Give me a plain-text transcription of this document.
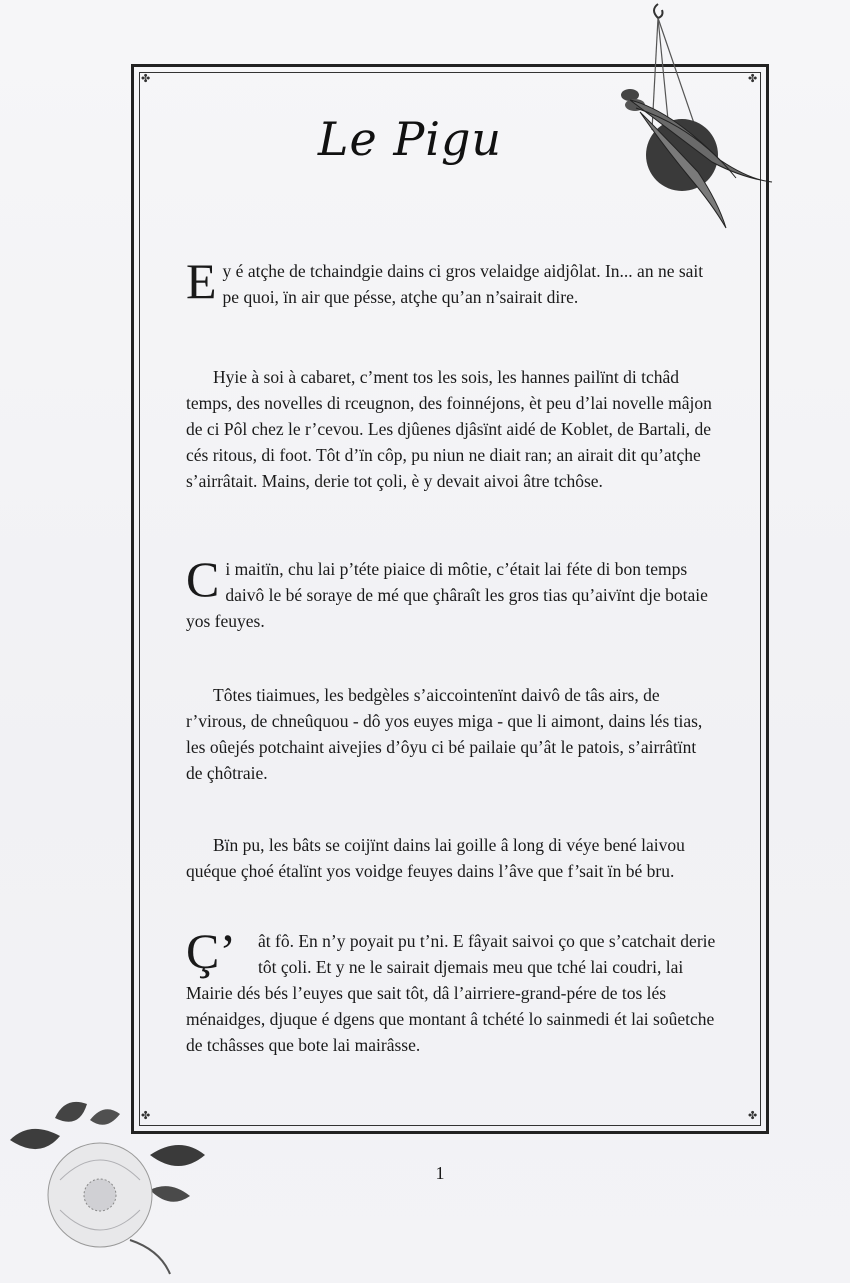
✤	✤
✤	✤
Le Pigu

Ey é atçhe de tchaindgie dains ci gros velaidge aidjôlat. In... an ne sait pe quoi, ïn air que pésse, atçhe qu’an n’sairait dire.

Hyie à soi à cabaret, c’ment tos les sois, les hannes pailïnt di tchâd temps, des novelles di rceugnon, des foinnéjons, èt peu d’lai novelle mâjon de ci Pôl chez le r’cevou. Les djûenes djâsïnt aidé de Koblet, de Bartali, de cés ritous, di foot. Tôt d’ïn côp, pu niun ne diait ran; an airait dit qu’atçhe s’airrâtait. Mains, derie tot çoli, è y devait aivoi âtre tchôse.

Ci maitïn, chu lai p’téte piaice di môtie, c’était lai féte di bon temps daivô le bé soraye de mé que çhâraît les gros tias qu’aivïnt dje botaie yos feuyes.

Tôtes tiaimues, les bedgèles s’aiccointenïnt daivô de tâs airs, de r’virous, de chneûquou - dô yos euyes miga - que li aimont, dains lés tias, les oûejés potchaint aivejies d’ôyu ci bé pailaie qu’ât le patois, s’airrâtïnt de çhôtraie.

Bïn pu, les bâts se coijïnt dains lai goille â long di véye bené laivou quéque çhoé étalïnt yos voidge feuyes dains l’âve que f’sait ïn bé bru.

Ç’ ât fô. En n’y poyait pu t’ni. E fâyait saivoi ço que s’catchait derie tôt çoli. Et y ne le sairait djemais meu que tché lai coudri, lai Mairie dés bés l’euyes que sait tôt, dâ l’airriere-grand-pére de tos lés ménaidges, djuque é dgens que montant â tchété lo sainmedi ét lai soûetche de tchâsses que bote lai mairâsse.

1
